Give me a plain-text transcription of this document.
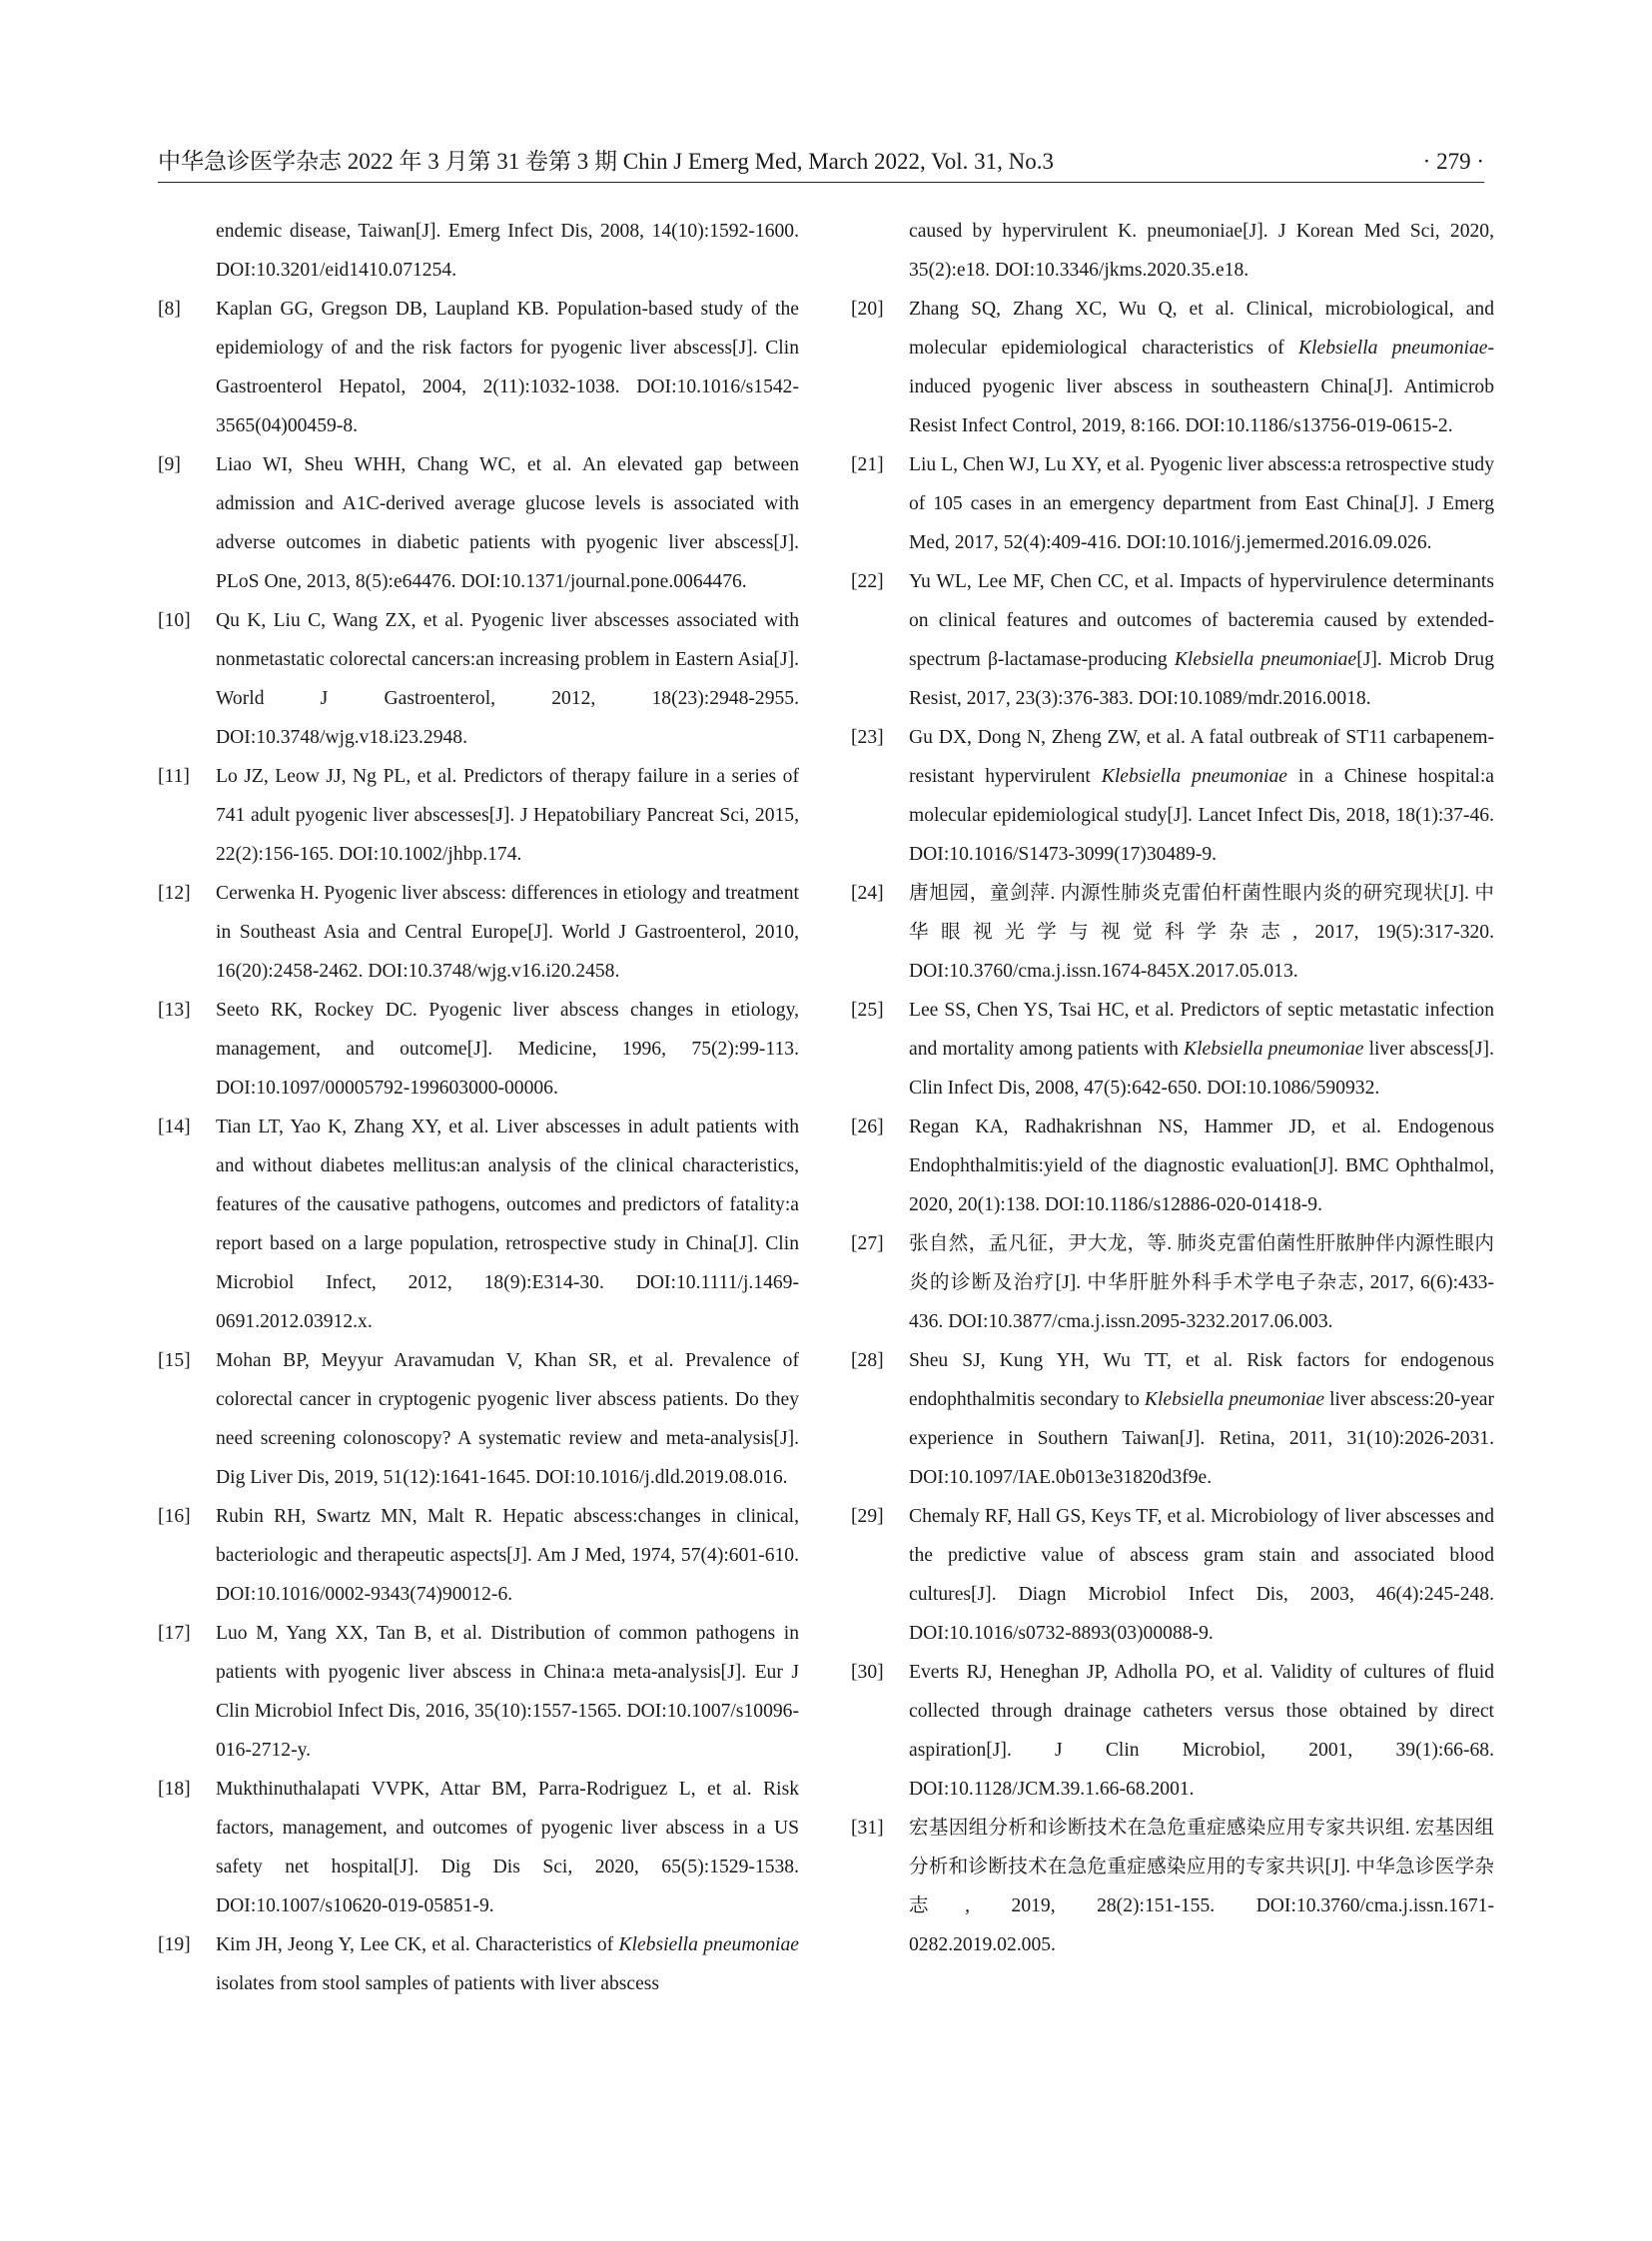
中华急诊医学杂志 2022 年 3 月第 31 卷第 3 期 Chin J Emerg Med, March 2022, Vol. 31, No.3	· 279 ·
endemic disease, Taiwan[J]. Emerg Infect Dis, 2008, 14(10):1592-1600. DOI:10.3201/eid1410.071254.
[8] Kaplan GG, Gregson DB, Laupland KB. Population-based study of the epidemiology of and the risk factors for pyogenic liver abscess[J]. Clin Gastroenterol Hepatol, 2004, 2(11):1032-1038. DOI:10.1016/s1542-3565(04)00459-8.
[9] Liao WI, Sheu WHH, Chang WC, et al. An elevated gap between admission and A1C-derived average glucose levels is associated with adverse outcomes in diabetic patients with pyogenic liver abscess[J]. PLoS One, 2013, 8(5):e64476. DOI:10.1371/journal.pone.0064476.
[10] Qu K, Liu C, Wang ZX, et al. Pyogenic liver abscesses associated with nonmetastatic colorectal cancers:an increasing problem in Eastern Asia[J]. World J Gastroenterol, 2012, 18(23):2948-2955. DOI:10.3748/wjg.v18.i23.2948.
[11] Lo JZ, Leow JJ, Ng PL, et al. Predictors of therapy failure in a series of 741 adult pyogenic liver abscesses[J]. J Hepatobiliary Pancreat Sci, 2015, 22(2):156-165. DOI:10.1002/jhbp.174.
[12] Cerwenka H. Pyogenic liver abscess: differences in etiology and treatment in Southeast Asia and Central Europe[J]. World J Gastroenterol, 2010, 16(20):2458-2462. DOI:10.3748/wjg.v16.i20.2458.
[13] Seeto RK, Rockey DC. Pyogenic liver abscess changes in etiology, management, and outcome[J]. Medicine, 1996, 75(2):99-113. DOI:10.1097/00005792-199603000-00006.
[14] Tian LT, Yao K, Zhang XY, et al. Liver abscesses in adult patients with and without diabetes mellitus:an analysis of the clinical characteristics, features of the causative pathogens, outcomes and predictors of fatality:a report based on a large population, retrospective study in China[J]. Clin Microbiol Infect, 2012, 18(9):E314-30. DOI:10.1111/j.1469-0691.2012.03912.x.
[15] Mohan BP, Meyyur Aravamudan V, Khan SR, et al. Prevalence of colorectal cancer in cryptogenic pyogenic liver abscess patients. Do they need screening colonoscopy? A systematic review and meta-analysis[J]. Dig Liver Dis, 2019, 51(12):1641-1645. DOI:10.1016/j.dld.2019.08.016.
[16] Rubin RH, Swartz MN, Malt R. Hepatic abscess:changes in clinical, bacteriologic and therapeutic aspects[J]. Am J Med, 1974, 57(4):601-610. DOI:10.1016/0002-9343(74)90012-6.
[17] Luo M, Yang XX, Tan B, et al. Distribution of common pathogens in patients with pyogenic liver abscess in China:a meta-analysis[J]. Eur J Clin Microbiol Infect Dis, 2016, 35(10):1557-1565. DOI:10.1007/s10096-016-2712-y.
[18] Mukthinuthalapati VVPK, Attar BM, Parra-Rodriguez L, et al. Risk factors, management, and outcomes of pyogenic liver abscess in a US safety net hospital[J]. Dig Dis Sci, 2020, 65(5):1529-1538. DOI:10.1007/s10620-019-05851-9.
[19] Kim JH, Jeong Y, Lee CK, et al. Characteristics of Klebsiella pneumoniae isolates from stool samples of patients with liver abscess
caused by hypervirulent K. pneumoniae[J]. J Korean Med Sci, 2020, 35(2):e18. DOI:10.3346/jkms.2020.35.e18.
[20] Zhang SQ, Zhang XC, Wu Q, et al. Clinical, microbiological, and molecular epidemiological characteristics of Klebsiella pneumoniae-induced pyogenic liver abscess in southeastern China[J]. Antimicrob Resist Infect Control, 2019, 8:166. DOI:10.1186/s13756-019-0615-2.
[21] Liu L, Chen WJ, Lu XY, et al. Pyogenic liver abscess:a retrospective study of 105 cases in an emergency department from East China[J]. J Emerg Med, 2017, 52(4):409-416. DOI:10.1016/j.jemermed.2016.09.026.
[22] Yu WL, Lee MF, Chen CC, et al. Impacts of hypervirulence determinants on clinical features and outcomes of bacteremia caused by extended-spectrum β-lactamase-producing Klebsiella pneumoniae[J]. Microb Drug Resist, 2017, 23(3):376-383. DOI:10.1089/mdr.2016.0018.
[23] Gu DX, Dong N, Zheng ZW, et al. A fatal outbreak of ST11 carbapenem-resistant hypervirulent Klebsiella pneumoniae in a Chinese hospital:a molecular epidemiological study[J]. Lancet Infect Dis, 2018, 18(1):37-46. DOI:10.1016/S1473-3099(17)30489-9.
[24] 唐旭园，童剑萍. 内源性肺炎克雷伯杆菌性眼内炎的研究现状[J]. 中华眼视光学与视觉科学杂志, 2017, 19(5):317-320. DOI:10.3760/cma.j.issn.1674-845X.2017.05.013.
[25] Lee SS, Chen YS, Tsai HC, et al. Predictors of septic metastatic infection and mortality among patients with Klebsiella pneumoniae liver abscess[J]. Clin Infect Dis, 2008, 47(5):642-650. DOI:10.1086/590932.
[26] Regan KA, Radhakrishnan NS, Hammer JD, et al. Endogenous Endophthalmitis:yield of the diagnostic evaluation[J]. BMC Ophthalmol, 2020, 20(1):138. DOI:10.1186/s12886-020-01418-9.
[27] 张自然，孟凡征，尹大龙，等. 肺炎克雷伯菌性肝脓肿伴内源性眼内炎的诊断及治疗[J]. 中华肝脏外科手术学电子杂志, 2017, 6(6):433-436. DOI:10.3877/cma.j.issn.2095-3232.2017.06.003.
[28] Sheu SJ, Kung YH, Wu TT, et al. Risk factors for endogenous endophthalmitis secondary to Klebsiella pneumoniae liver abscess:20-year experience in Southern Taiwan[J]. Retina, 2011, 31(10):2026-2031. DOI:10.1097/IAE.0b013e31820d3f9e.
[29] Chemaly RF, Hall GS, Keys TF, et al. Microbiology of liver abscesses and the predictive value of abscess gram stain and associated blood cultures[J]. Diagn Microbiol Infect Dis, 2003, 46(4):245-248. DOI:10.1016/s0732-8893(03)00088-9.
[30] Everts RJ, Heneghan JP, Adholla PO, et al. Validity of cultures of fluid collected through drainage catheters versus those obtained by direct aspiration[J]. J Clin Microbiol, 2001, 39(1):66-68. DOI:10.1128/JCM.39.1.66-68.2001.
[31] 宏基因组分析和诊断技术在急危重症感染应用专家共识组. 宏基因组分析和诊断技术在急危重症感染应用的专家共识[J]. 中华急诊医学杂志, 2019, 28(2):151-155. DOI:10.3760/cma.j.issn.1671-0282.2019.02.005.
